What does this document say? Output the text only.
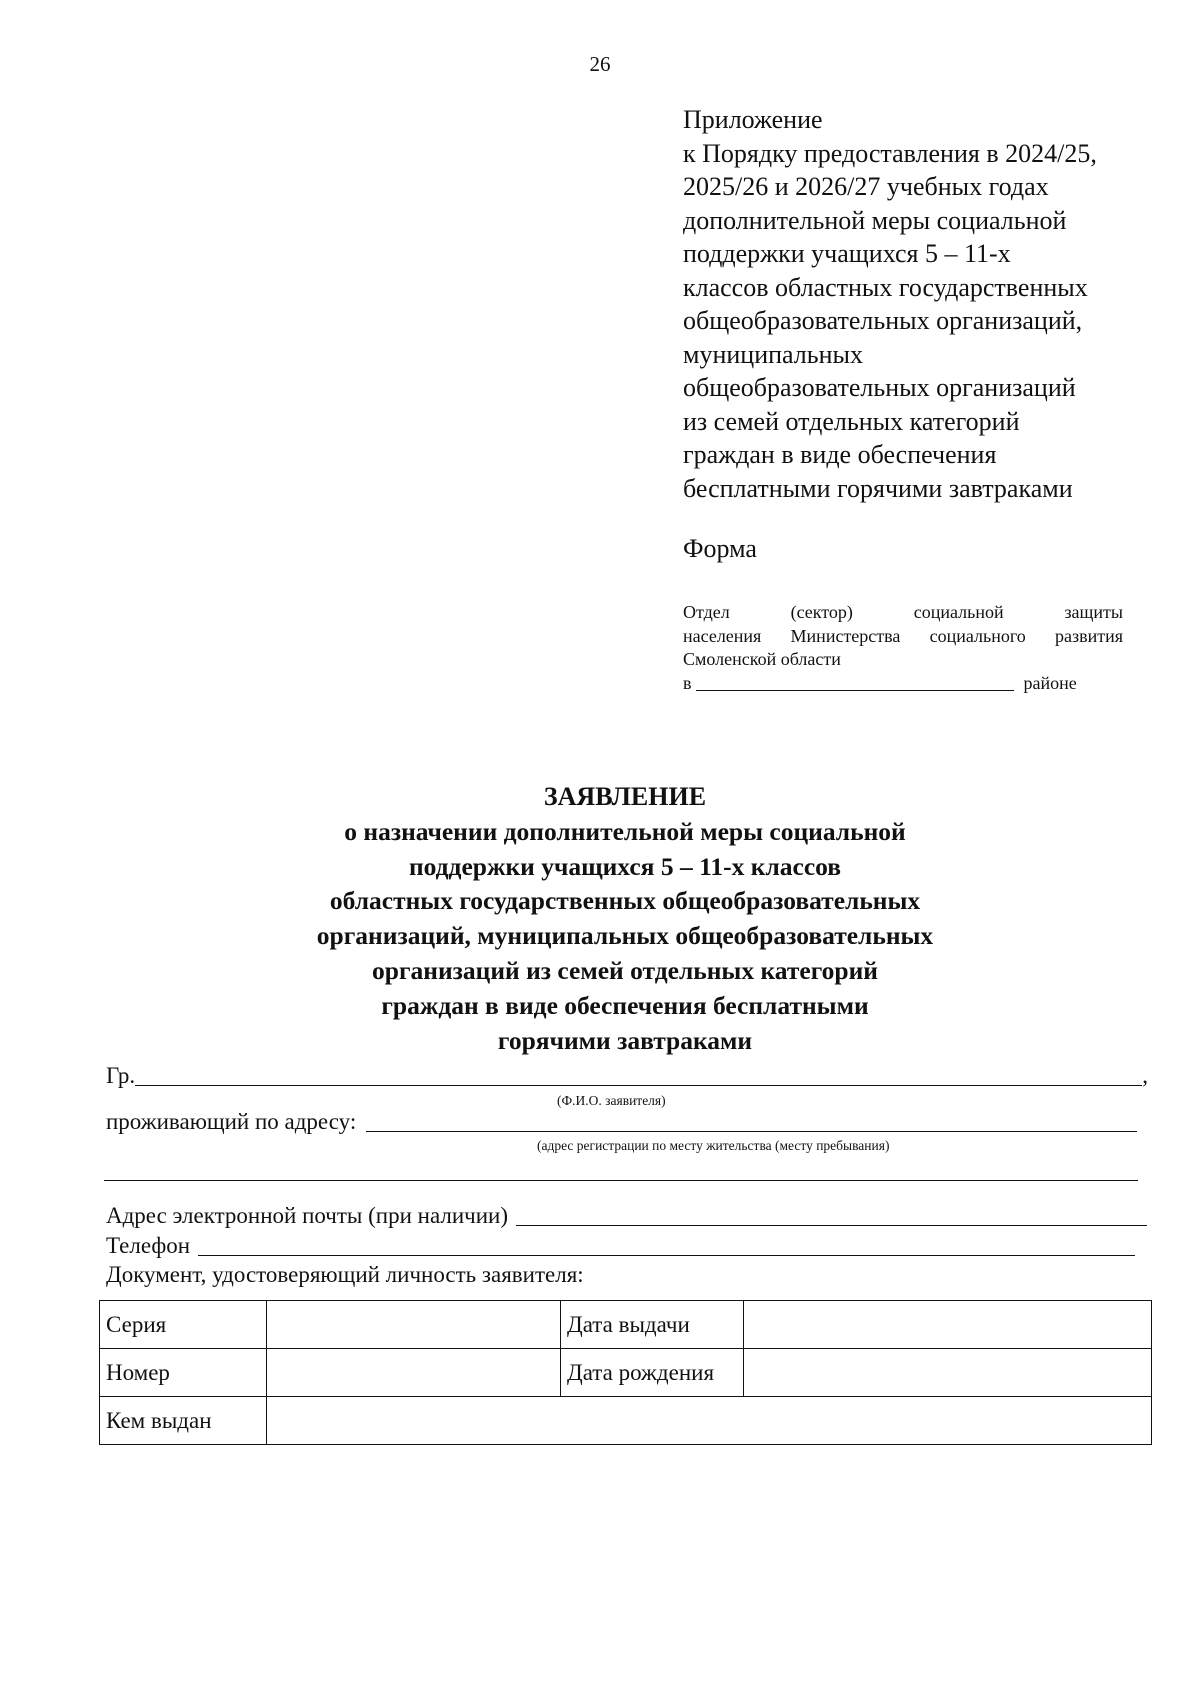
26
Приложение
к Порядку предоставления в 2024/25,
2025/26 и 2026/27 учебных годах
дополнительной меры социальной
поддержки учащихся 5 – 11-х
классов областных государственных
общеобразовательных организаций,
муниципальных
общеобразовательных организаций
из семей отдельных категорий
граждан в виде обеспечения
бесплатными горячими завтраками
Форма
Отдел	(сектор)	социальной	защиты
населения Министерства социального развития
Смоленской области
в	районе
ЗАЯВЛЕНИЕ
о назначении дополнительной меры социальной
поддержки учащихся 5 – 11-х классов
областных государственных общеобразовательных
организаций, муниципальных общеобразовательных
организаций из семей отдельных категорий
граждан в виде обеспечения бесплатными
горячими завтраками
Гр.	,
(Ф.И.О. заявителя)
проживающий по адресу:
(адрес регистрации по месту жительства (месту пребывания)
Адрес электронной почты (при наличии)
Телефон
Документ, удостоверяющий личность заявителя:
Серия		Дата выдачи	
Номер		Дата рождения	
Кем выдан			
